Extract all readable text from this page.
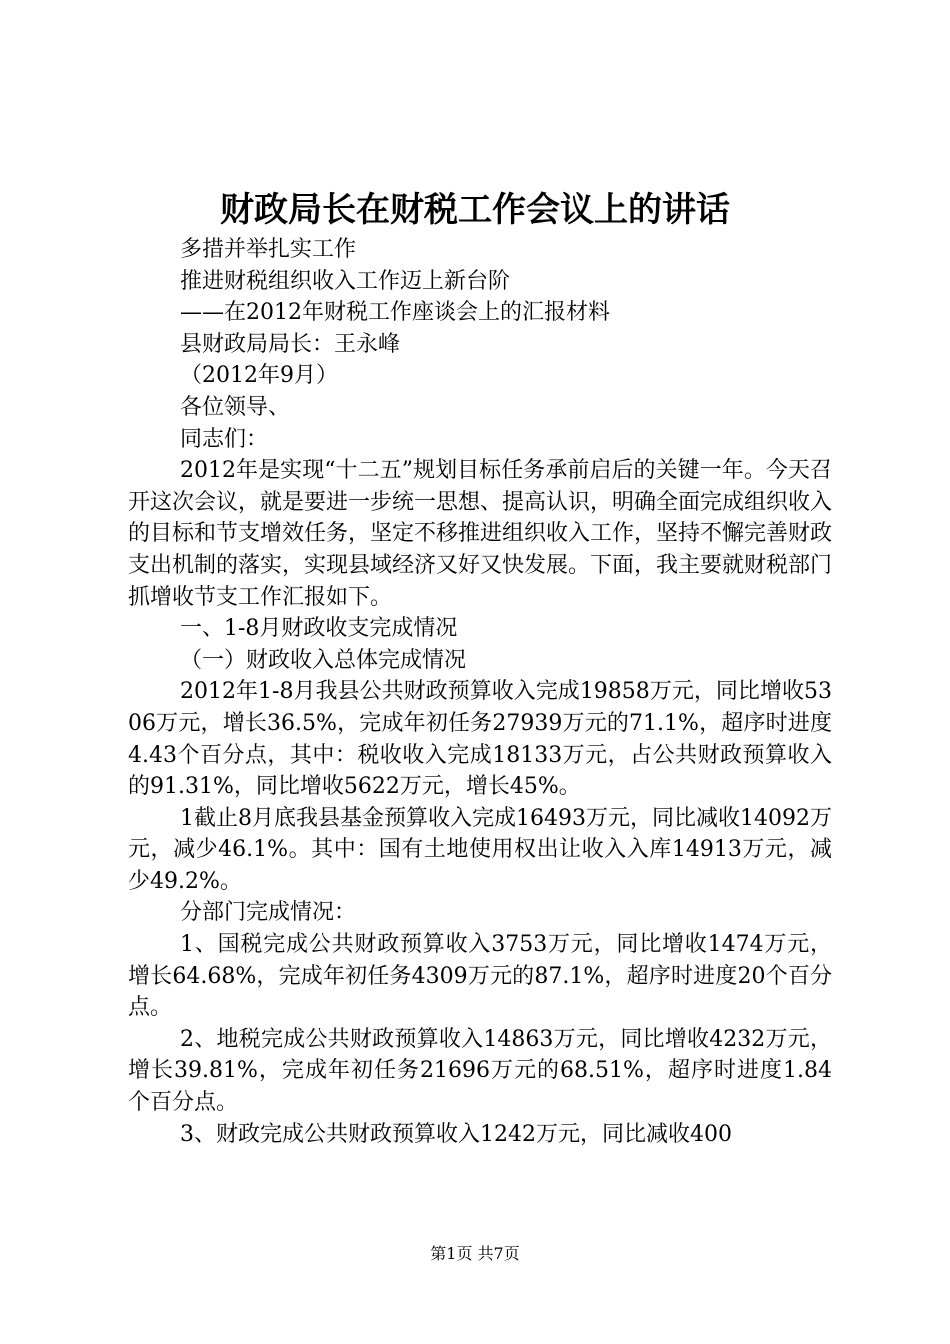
财政局长在财税工作会议上的讲话

多措并举扎实工作

推进财税组织收入工作迈上新台阶

——在2012年财税工作座谈会上的汇报材料

县财政局局长：王永峰

（2012年9月）

各位领导、

同志们：

2012年是实现“十二五”规划目标任务承前启后的关键一年。今天召开这次会议，就是要进一步统一思想、提高认识，明确全面完成组织收入的目标和节支增效任务，坚定不移推进组织收入工作，坚持不懈完善财政支出机制的落实，实现县域经济又好又快发展。下面，我主要就财税部门抓增收节支工作汇报如下。

一、1-8月财政收支完成情况

（一）财政收入总体完成情况

2012年1-8月我县公共财政预算收入完成19858万元，同比增收5306万元，增长36.5%，完成年初任务27939万元的71.1%，超序时进度4.43个百分点，其中：税收收入完成18133万元，占公共财政预算收入的91.31%，同比增收5622万元，增长45%。

1截止8月底我县基金预算收入完成16493万元，同比减收14092万元，减少46.1%。其中：国有土地使用权出让收入入库14913万元，减少49.2%。

分部门完成情况：

1、国税完成公共财政预算收入3753万元，同比增收1474万元，增长64.68%，完成年初任务4309万元的87.1%，超序时进度20个百分点。

2、地税完成公共财政预算收入14863万元，同比增收4232万元，增长39.81%，完成年初任务21696万元的68.51%，超序时进度1.84个百分点。

3、财政完成公共财政预算收入1242万元，同比减收400

第1页 共7页
